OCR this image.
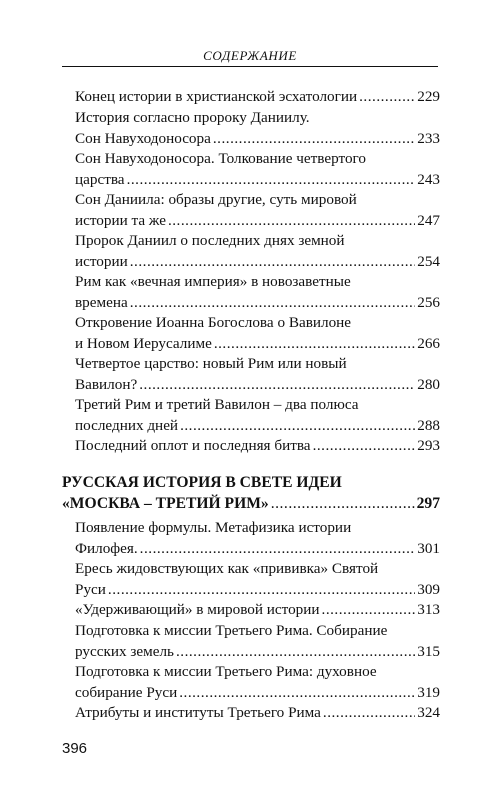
СОДЕРЖАНИЕ
Конец истории в христианской эсхатологии .....	229
История согласно пророку Даниилу.
Сон Навуходоносора .....	233
Сон Навуходоносора. Толкование четвертого
царства .....	243
Сон Даниила: образы другие, суть мировой
истории та же .....	247
Пророк Даниил о последних днях земной
истории .....	254
Рим как «вечная империя» в новозаветные
времена .....	256
Откровение Иоанна Богослова о Вавилоне
и Новом Иерусалиме .....	266
Четвертое царство: новый Рим или новый
Вавилон? .....	280
Третий Рим и третий Вавилон – два полюса
последних дней .....	288
Последний оплот и последняя битва .....	293
РУССКАЯ ИСТОРИЯ В СВЕТЕ ИДЕИ
«МОСКВА – ТРЕТИЙ РИМ» .....	297
Появление формулы. Метафизика истории
Филофея. .....	301
Ересь жидовствующих как «прививка» Святой
Руси .....	309
«Удерживающий» в мировой истории .....	313
Подготовка к миссии Третьего Рима. Собирание
русских земель .....	315
Подготовка к миссии Третьего Рима: духовное
собирание Руси .....	319
Атрибуты и институты Третьего Рима .....	324
396
